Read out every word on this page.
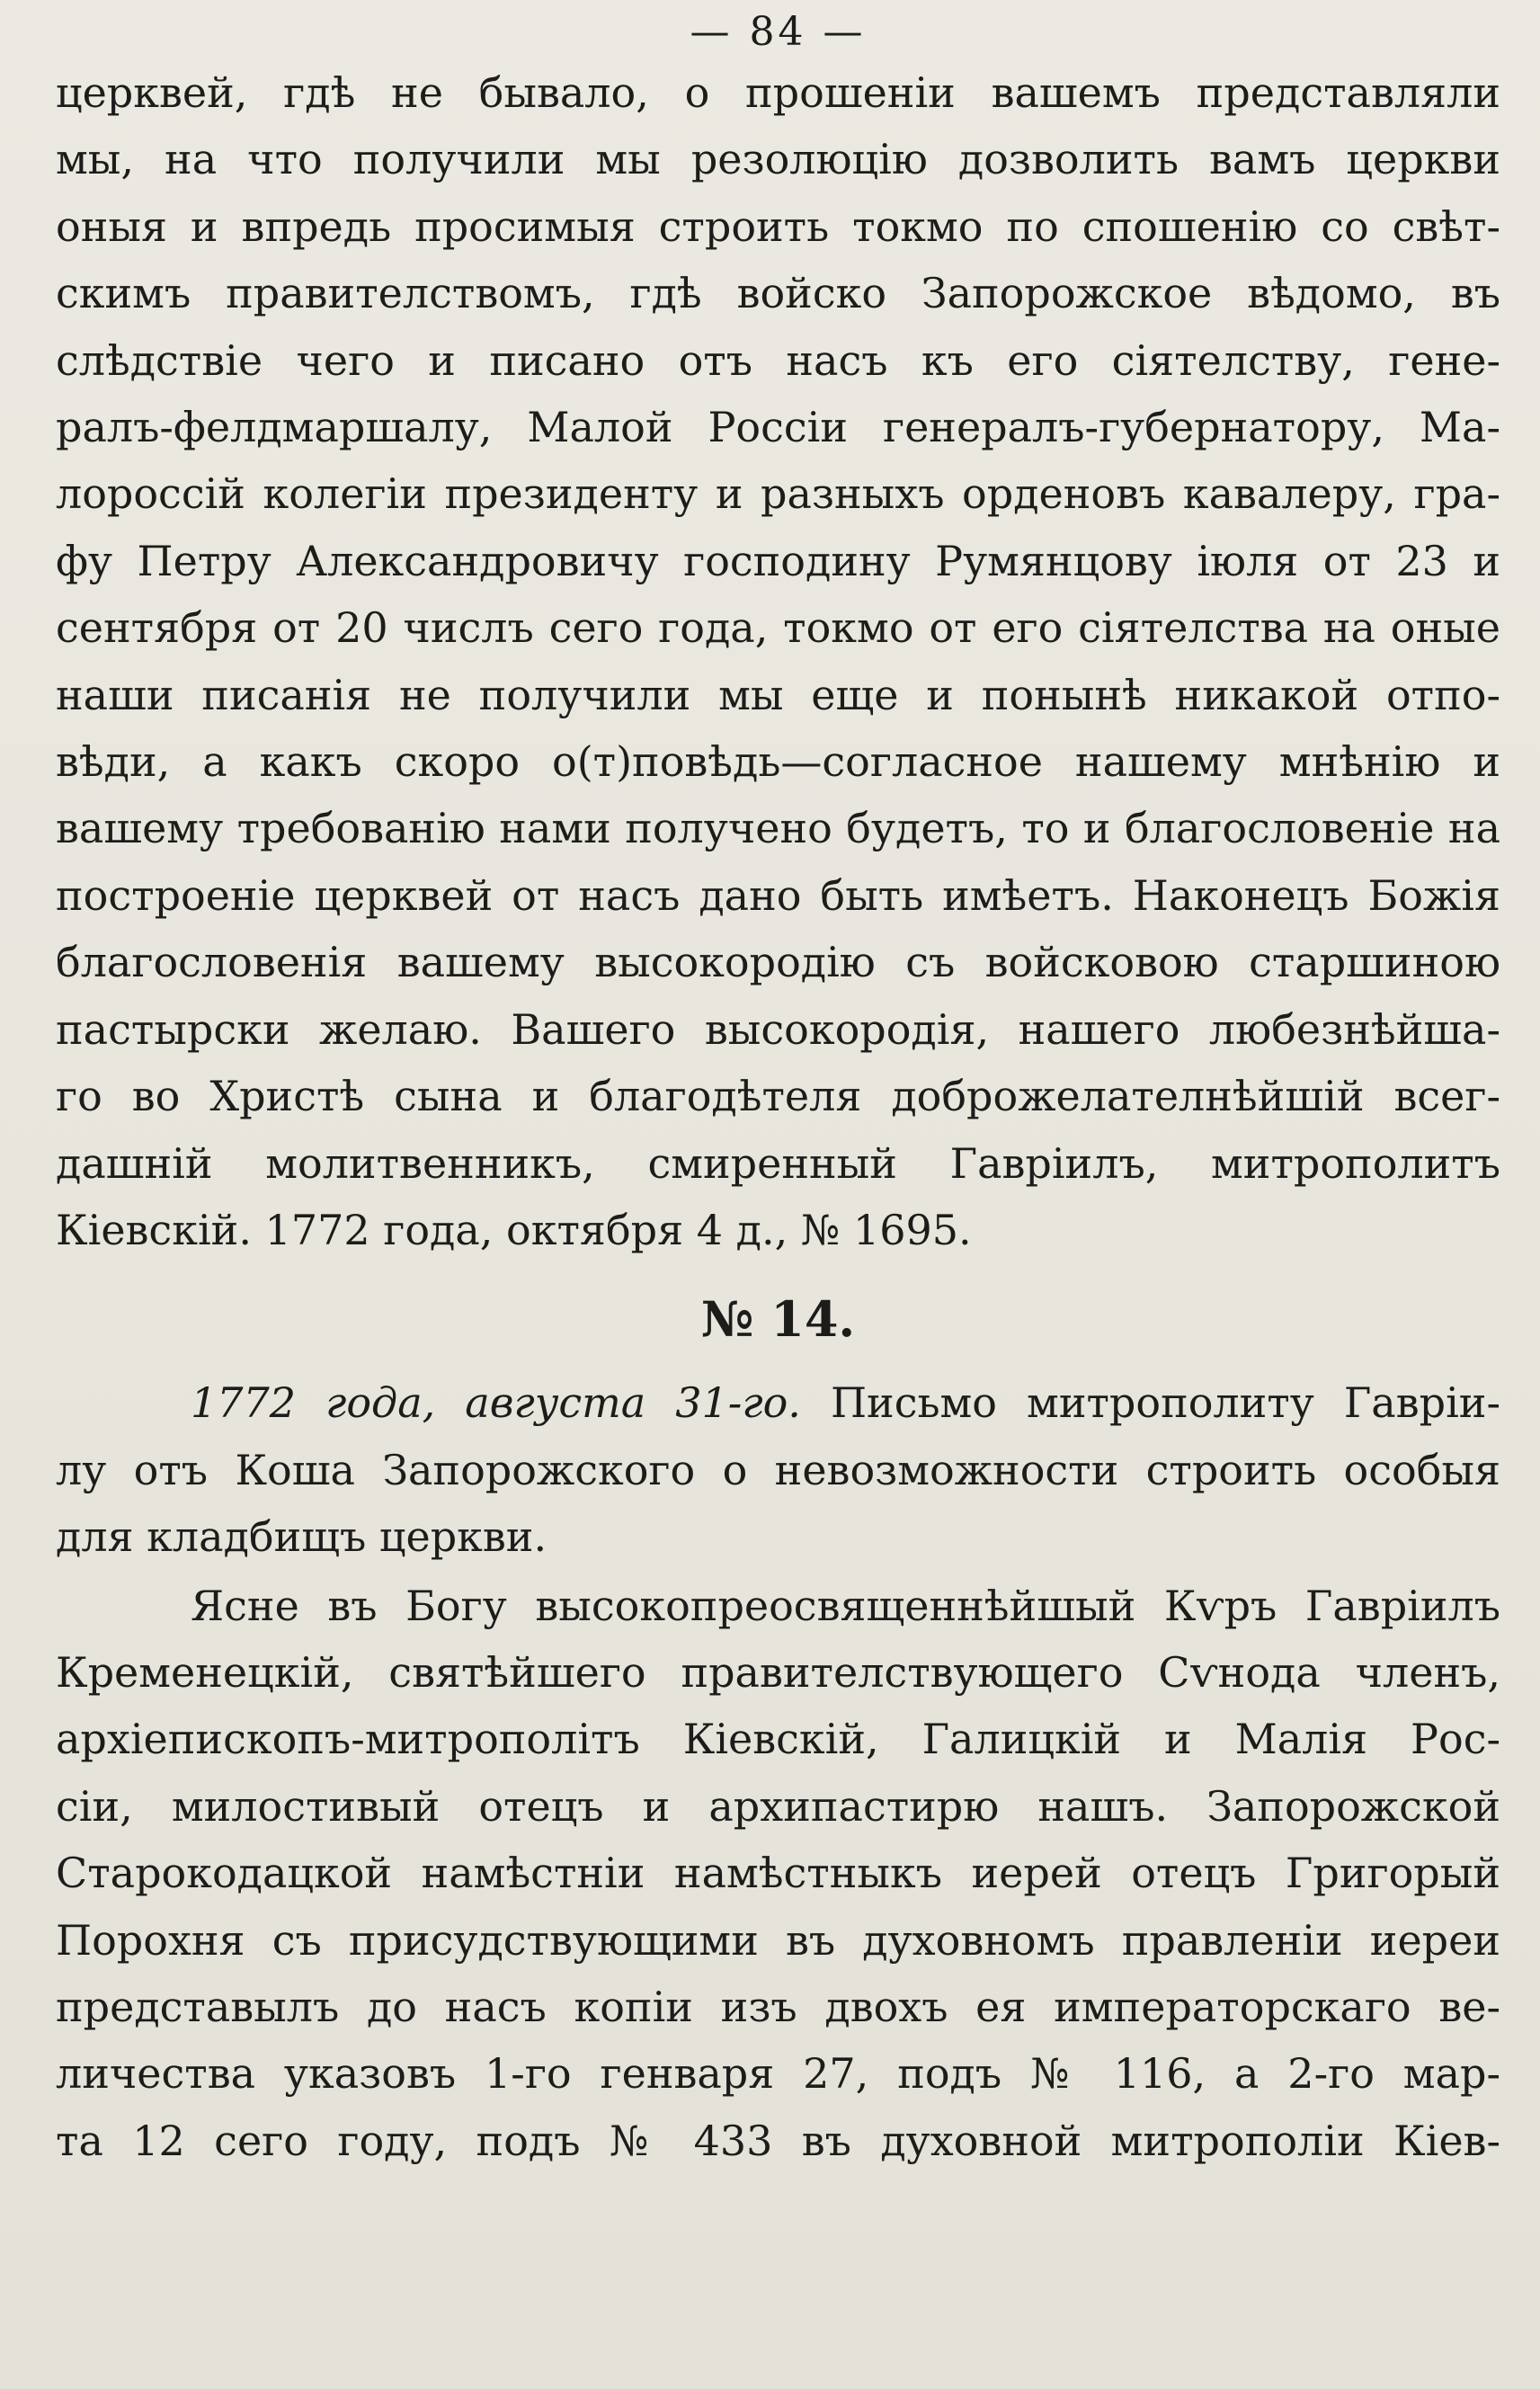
— 84 —
церквей, гдѣ не бывало, о прошеніи вашемъ представляли
мы, на что получили мы резолюцію дозволить вамъ церкви
оныя и впредь просимыя строить токмо по спошенію со свѣт-
скимъ правителствомъ, гдѣ войско Запорожское вѣдомо, въ
слѣдствіе чего и писано отъ насъ къ его сіятелству, гене-
ралъ-фелдмаршалу, Малой Россіи генералъ-губернатору, Ма-
лороссій колегіи президенту и разныхъ орденовъ кавалеру, гра-
фу Петру Александровичу господину Румянцову іюля от 23 и
сентября от 20 числъ сего года, токмо от его сіятелства на оные
наши писанія не получили мы еще и понынѣ никакой отпо-
вѣди, а какъ скоро о(т)повѣдь—согласное нашему мнѣнію и
вашему требованію нами получено будетъ, то и благословеніе на
построеніе церквей от насъ дано быть имѣетъ. Наконецъ Божія
благословенія вашему высокородію съ войсковою старшиною
пастырски желаю. Вашего высокородія, нашего любезнѣйша-
го во Христѣ сына и благодѣтеля доброжелателнѣйшій всег-
дашній молитвенникъ, смиренный Гавріилъ, митрополитъ
Кіевскій. 1772 года, октября 4 д., № 1695.
№ 14.
1772 года, августа 31-го. Письмо митрополиту Гавріи-
лу отъ Коша Запорожского о невозможности строить особыя
для кладбищъ церкви.
Ясне въ Богу высокопреосвященнѣйшый Кѵръ Гавріилъ
Кременецкій, святѣйшего правителствующего Сѵнода членъ,
архіепископъ-митрополітъ Кіевскій, Галицкій и Малія Рос-
сіи, милостивый отецъ и архипастирю нашъ. Запорожской
Старокодацкой намѣстніи намѣстныкъ иерей отецъ Григорый
Порохня съ присудствующими въ духовномъ правленіи иереи
представылъ до насъ копіи изъ двохъ ея императорскаго ве-
личества указовъ 1-го генваря 27, подъ № 116, а 2-го мар-
та 12 сего году, подъ № 433 въ духовной митрополіи Кіев-
